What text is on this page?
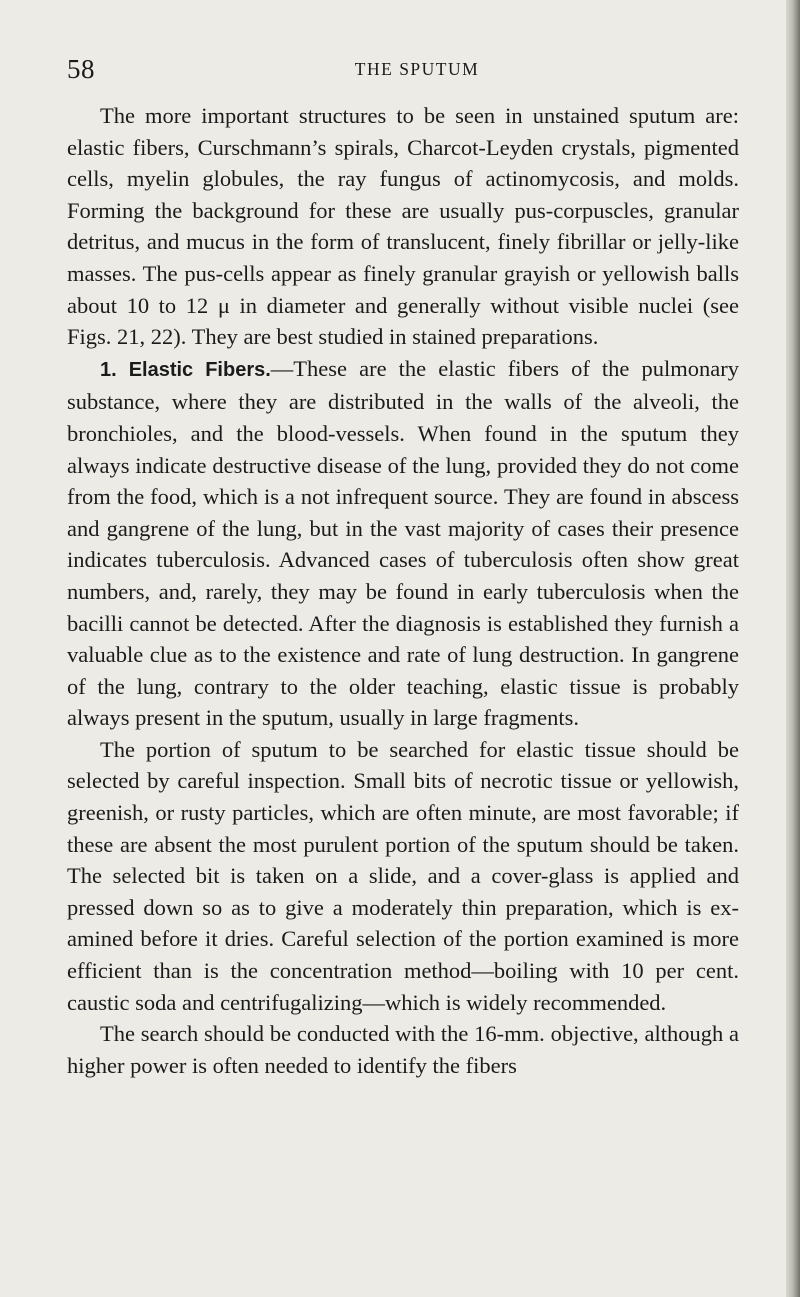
58	THE SPUTUM

The more important structures to be seen in unstained sputum are: elastic fibers, Curschmann’s spirals, Charcot-Leyden crystals, pigmented cells, myelin globules, the ray fungus of actinomycosis, and molds. Forming the background for these are usually pus-corpuscles, granular detritus, and mucus in the form of translucent, finely fibrillar or jelly-like masses. The pus-cells appear as finely granular grayish or yellowish balls about 10 to 12 μ in diameter and generally without visible nuclei (see Figs. 21, 22). They are best studied in stained preparations.

1. Elastic Fibers.—These are the elastic fibers of the pulmonary substance, where they are distributed in the walls of the alveoli, the bronchioles, and the blood-vessels. When found in the sputum they always indicate destructive disease of the lung, provided they do not come from the food, which is a not infrequent source. They are found in abscess and gangrene of the lung, but in the vast majority of cases their presence indicates tuberculosis. Advanced cases of tuberculosis often show great numbers, and, rarely, they may be found in early tuberculosis when the bacilli cannot be detected. After the diagnosis is established they furnish a valuable clue as to the existence and rate of lung destruction. In gangrene of the lung, contrary to the older teaching, elastic tissue is probably always present in the sputum, usually in large fragments.

The portion of sputum to be searched for elastic tissue should be selected by careful inspection. Small bits of necrotic tissue or yellowish, greenish, or rusty particles, which are often minute, are most favorable; if these are absent the most purulent portion of the sputum should be taken. The selected bit is taken on a slide, and a cover-glass is applied and pressed down so as to give a moderately thin preparation, which is examined before it dries. Careful selection of the portion examined is more efficient than is the concentration method—boiling with 10 per cent. caustic soda and centrifugalizing—which is widely recommended.

The search should be conducted with the 16-mm. objective, although a higher power is often needed to identify the fibers
